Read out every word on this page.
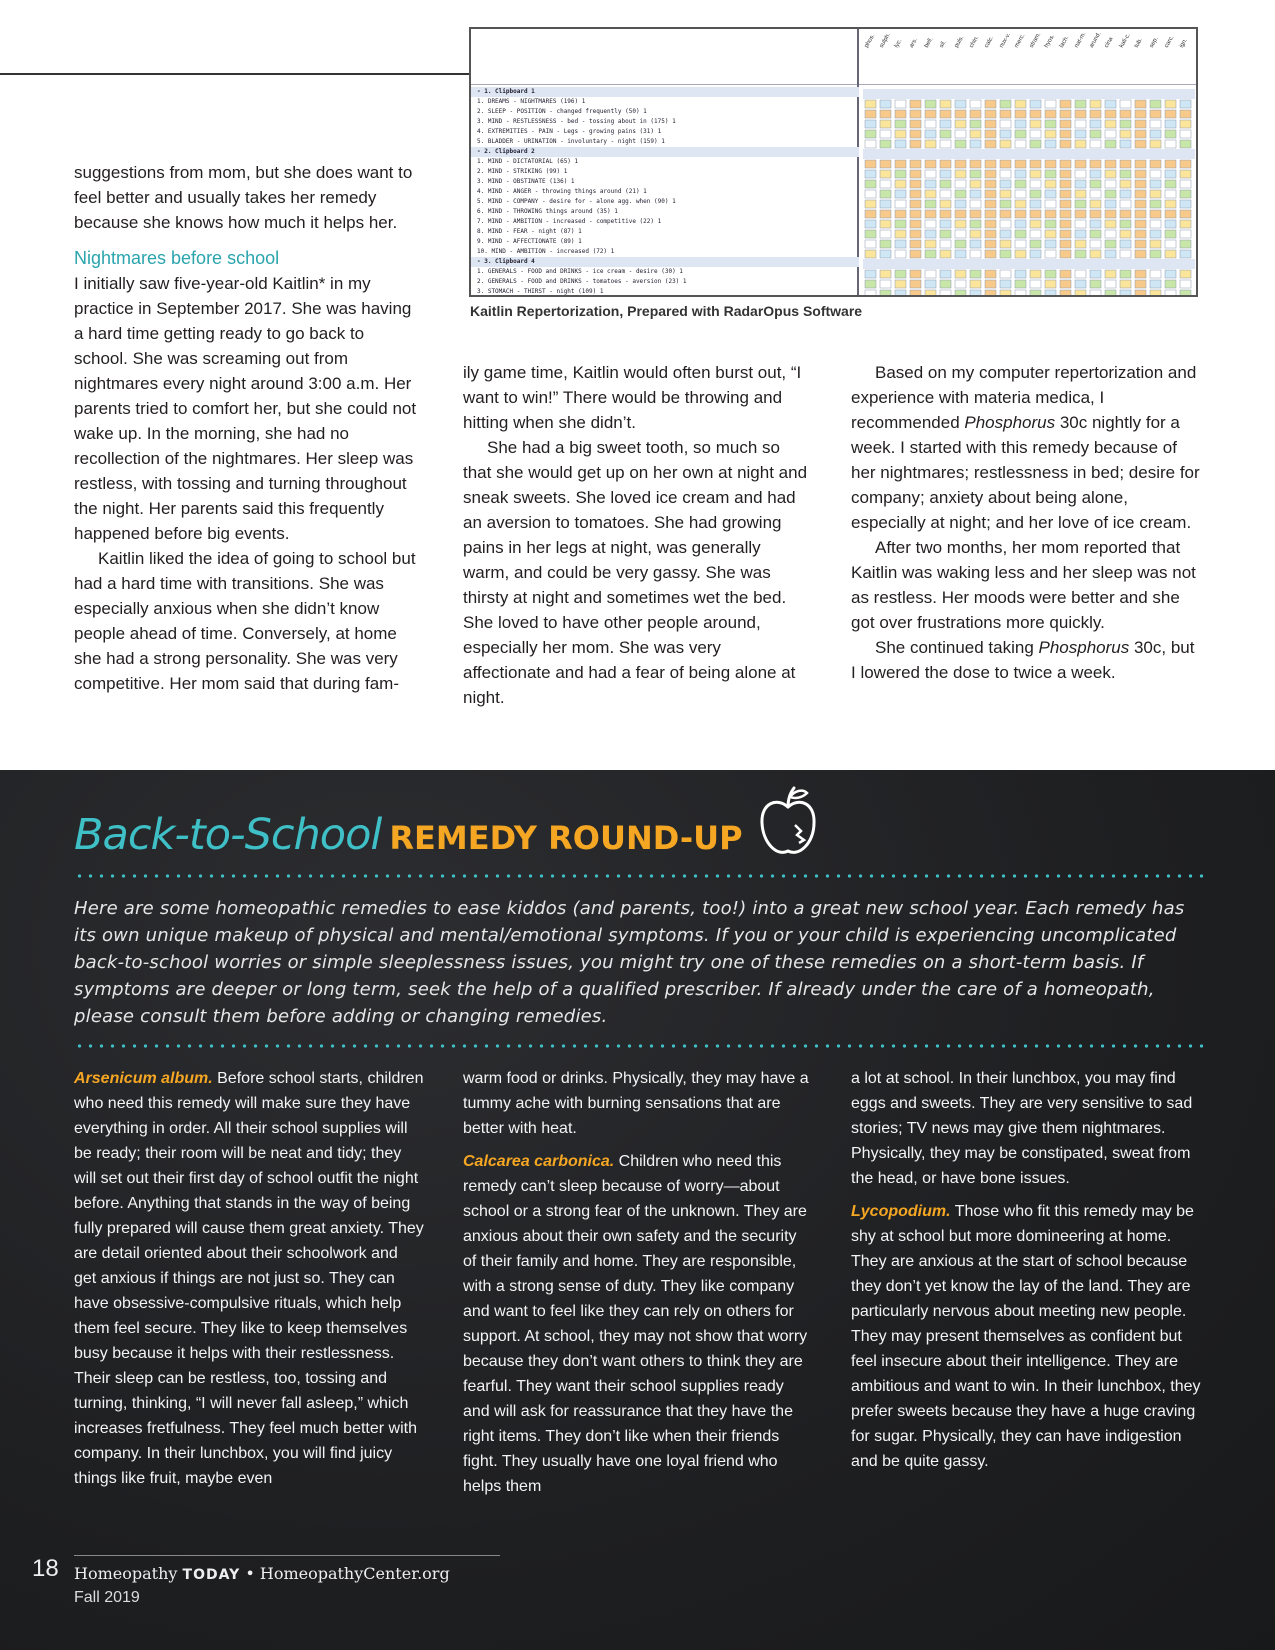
- 1. Clipboard 1
1. DREAMS - NIGHTMARES (196) 1
2. SLEEP - POSITION - changed frequently (50) 1
3. MIND - RESTLESSNESS - bed - tossing about in (175) 1
4. EXTREMITIES - PAIN - Legs - growing pains (31) 1
5. BLADDER - URINATION - involuntary - night (159) 1
- 2. Clipboard 2
1. MIND - DICTATORIAL (65) 1
2. MIND - STRIKING (99) 1
3. MIND - OBSTINATE (136) 1
4. MIND - ANGER - throwing things around (21) 1
5. MIND - COMPANY - desire for - alone agg. when (90) 1
6. MIND - THROWING things around (35) 1
7. MIND - AMBITION - increased - competitive (22) 1
8. MIND - FEAR - night (87) 1
9. MIND - AFFECTIONATE (89) 1
10. MIND - AMBITION - increased (72) 1
- 3. Clipboard 4
1. GENERALS - FOOD and DRINKS - ice cream - desire (30) 1
2. GENERALS - FOOD and DRINKS - tomatoes - aversion (23) 1
3. STOMACH - THIRST - night (109) 1
phos. sulph. lyc. ars. bell. sil. puls. chin. calc. nux-v. merc. stram. hyos. lach. nat-m. arund. cina kali-c. tub. sep. carc. ign.
Kaitlin Repertorization, Prepared with RadarOpus Software

suggestions from mom, but she does want to feel better and usually takes her remedy because she knows how much it helps her.

Nightmares before school

I initially saw five-year-old Kaitlin* in my practice in September 2017. She was having a hard time getting ready to go back to school. She was screaming out from nightmares every night around 3:00 a.m. Her parents tried to comfort her, but she could not wake up. In the morning, she had no recollection of the nightmares. Her sleep was restless, with tossing and turning throughout the night. Her parents said this frequently happened before big events.

Kaitlin liked the idea of going to school but had a hard time with transitions. She was especially anxious when she didn’t know people ahead of time. Conversely, at home she had a strong personality. She was very competitive. Her mom said that during fam-

ily game time, Kaitlin would often burst out, “I want to win!” There would be throwing and hitting when she didn’t.

She had a big sweet tooth, so much so that she would get up on her own at night and sneak sweets. She loved ice cream and had an aversion to tomatoes. She had growing pains in her legs at night, was generally warm, and could be very gassy. She was thirsty at night and sometimes wet the bed. She loved to have other people around, especially her mom. She was very affectionate and had a fear of being alone at night.

Based on my computer repertorization and experience with materia medica, I recommended Phosphorus 30c nightly for a week. I started with this remedy because of her nightmares; restlessness in bed; desire for company; anxiety about being alone, especially at night; and her love of ice cream.

After two months, her mom reported that Kaitlin was waking less and her sleep was not as restless. Her moods were better and she got over frustrations more quickly.

She continued taking Phosphorus 30c, but I lowered the dose to twice a week.

Back-to-School REMEDY ROUND-UP

Here are some homeopathic remedies to ease kiddos (and parents, too!) into a great new school year. Each remedy has its own unique makeup of physical and mental/emotional symptoms. If you or your child is experiencing uncomplicated back-to-school worries or simple sleeplessness issues, you might try one of these remedies on a short-term basis. If symptoms are deeper or long term, seek the help of a qualified prescriber. If already under the care of a homeopath, please consult them before adding or changing remedies.

Arsenicum album. Before school starts, children who need this remedy will make sure they have everything in order. All their school supplies will be ready; their room will be neat and tidy; they will set out their first day of school outfit the night before. Anything that stands in the way of being fully prepared will cause them great anxiety. They are detail oriented about their schoolwork and get anxious if things are not just so. They can have obsessive-compulsive rituals, which help them feel secure. They like to keep themselves busy because it helps with their restlessness. Their sleep can be restless, too, tossing and turning, thinking, “I will never fall asleep,” which increases fretfulness. They feel much better with company. In their lunchbox, you will find juicy things like fruit, maybe even

warm food or drinks. Physically, they may have a tummy ache with burning sensations that are better with heat.

Calcarea carbonica. Children who need this remedy can’t sleep because of worry—about school or a strong fear of the unknown. They are anxious about their own safety and the security of their family and home. They are responsible, with a strong sense of duty. They like company and want to feel like they can rely on others for support. At school, they may not show that worry because they don’t want others to think they are fearful. They want their school supplies ready and will ask for reassurance that they have the right items. They don’t like when their friends fight. They usually have one loyal friend who helps them

a lot at school. In their lunchbox, you may find eggs and sweets. They are very sensitive to sad stories; TV news may give them nightmares. Physically, they may be constipated, sweat from the head, or have bone issues.

Lycopodium. Those who fit this remedy may be shy at school but more domineering at home. They are anxious at the start of school because they don’t yet know the lay of the land. They are particularly nervous about meeting new people. They may present themselves as confident but feel insecure about their intelligence. They are ambitious and want to win. In their lunchbox, they prefer sweets because they have a huge craving for sugar. Physically, they can have indigestion and be quite gassy.

18 Homeopathy TODAY • HomeopathyCenter.org
Fall 2019
